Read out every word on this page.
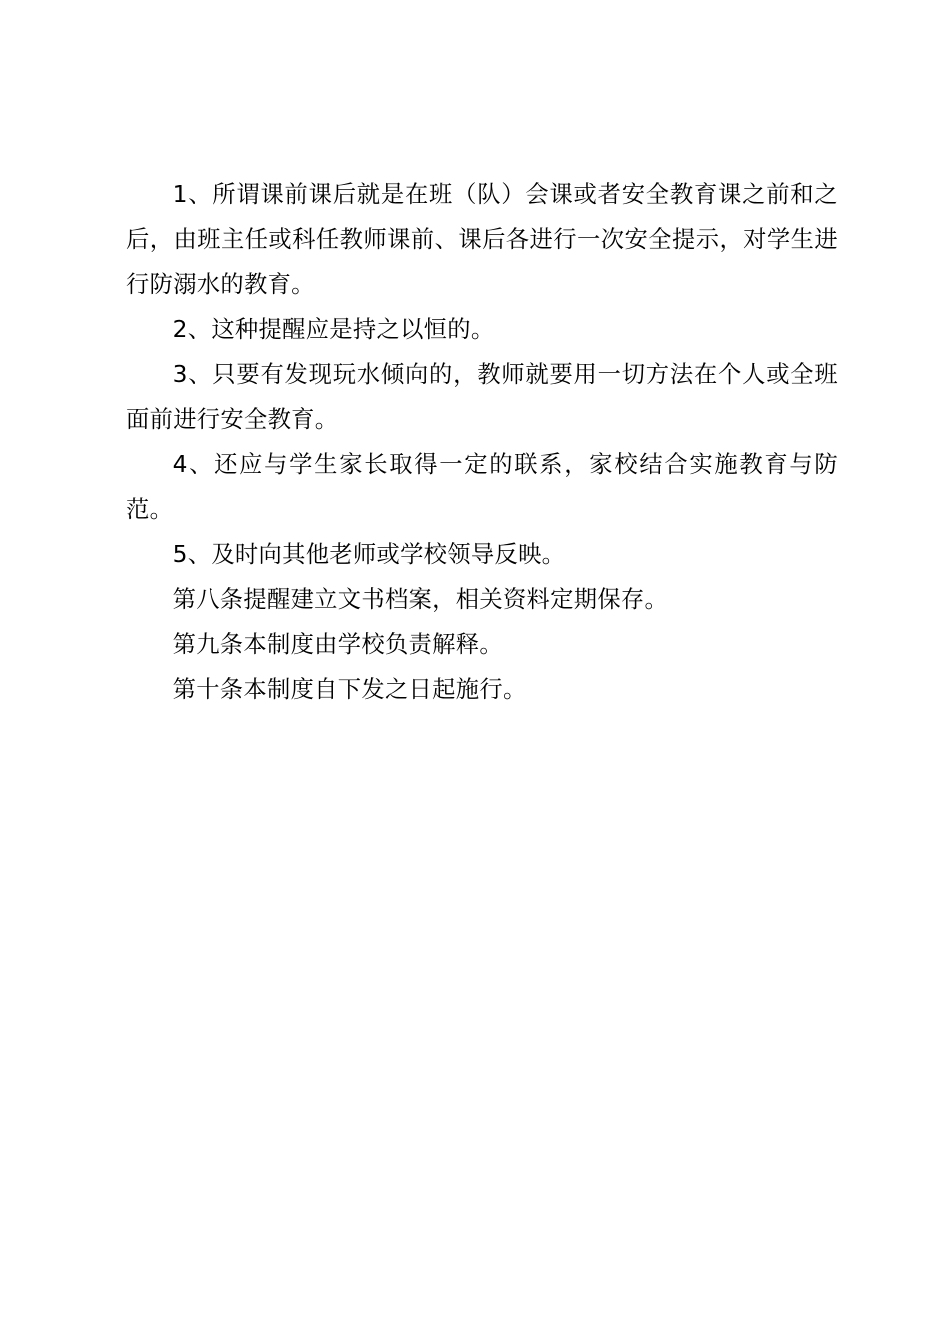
1、所谓课前课后就是在班（队）会课或者安全教育课之前和之后，由班主任或科任教师课前、课后各进行一次安全提示，对学生进行防溺水的教育。

2、这种提醒应是持之以恒的。

3、只要有发现玩水倾向的，教师就要用一切方法在个人或全班面前进行安全教育。

4、还应与学生家长取得一定的联系，家校结合实施教育与防范。

5、及时向其他老师或学校领导反映。

第八条提醒建立文书档案，相关资料定期保存。

第九条本制度由学校负责解释。

第十条本制度自下发之日起施行。
